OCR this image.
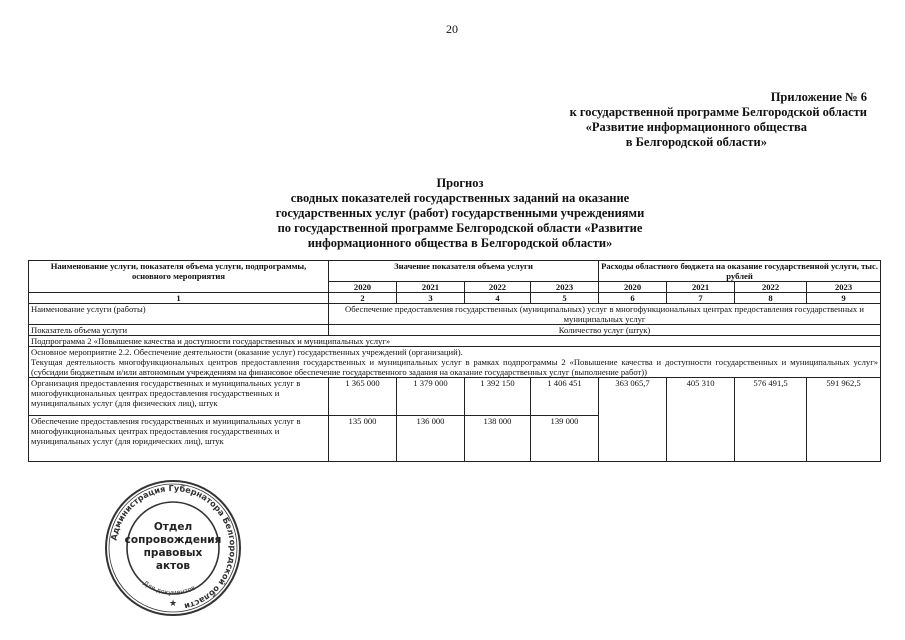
20
Приложение № 6
к государственной программе Белгородской области
«Развитие информационного общества
в Белгородской области»
Прогноз
сводных показателей государственных заданий на оказание
государственных услуг (работ) государственными учреждениями
по государственной программе Белгородской области «Развитие
информационного общества в Белгородской области»
Наименование услуги, показателя объема услуги, подпрограммы, основного мероприятия	Значение показателя объема услуги				Расходы областного бюджета на оказание государственной услуги, тыс. рублей			
	2020	2021	2022	2023	2020	2021	2022	2023
1	2	3	4	5	6	7	8	9
Наименование услуги (работы)	Обеспечение предоставления государственных (муниципальных) услуг в многофункциональных центрах предоставления государственных и муниципальных услуг							
Показатель объема услуги	Количество услуг (штук)							
Подпрограмма 2 «Повышение качества и доступности государственных и муниципальных услуг»								

Основное мероприятие 2.2. Обеспечение деятельности (оказание услуг) государственных учреждений (организаций).
Текущая деятельность многофункциональных центров предоставления государственных и муниципальных услуг в рамках подпрограммы 2 «Повышение качества и доступности государственных и муниципальных услуг» (субсидии бюджетным и/или автономным учреждениям на финансовое обеспечение государственного задания на оказание государственных услуг (выполнение работ))								

Организация предоставления государственных и муниципальных услуг в многофункциональных центрах предоставления государственных и муниципальных услуг (для физических лиц), штук	1 365 000	1 379 000	1 392 150	1 406 451	363 065,7	405 310	576 491,5	591 962,5
Обеспечение предоставления государственных и муниципальных услуг в многофункциональных центрах предоставления государственных и муниципальных услуг (для юридических лиц), штук	135 000	136 000	138 000	139 000				
Администрация Губернатора Белгородской области
Для документов
Отдел
сопровождения
правовых
актов
★
